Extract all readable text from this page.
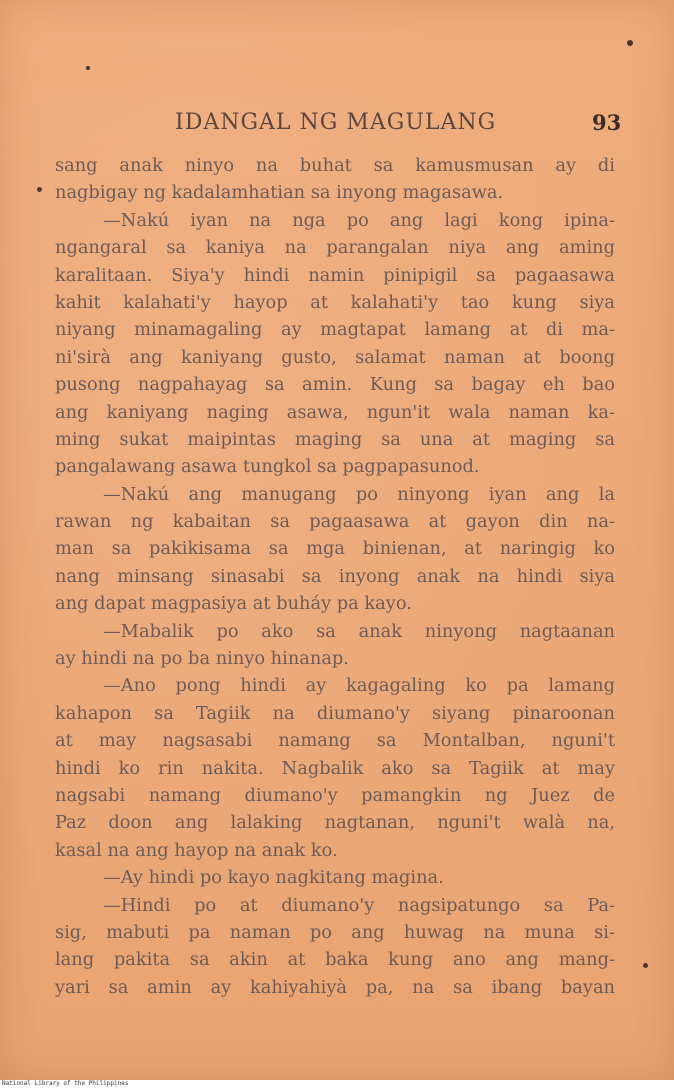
IDANGAL NG MAGULANG	93
sang anak ninyo na buhat sa kamusmusan ay di
nagbigay ng kadalamhatian sa inyong magasawa.
—Nakú iyan na nga po ang lagi kong ipina-
ngangaral sa kaniya na parangalan niya ang aming
karalitaan. Siya'y hindi namin pinipigil sa pagaasawa
kahit kalahati'y hayop at kalahati'y tao kung siya
niyang minamagaling ay magtapat lamang at di ma-
ni'sirà ang kaniyang gusto, salamat naman at boong
pusong nagpahayag sa amin. Kung sa bagay eh bao
ang kaniyang naging asawa, ngun'it wala naman ka-
ming sukat maipintas maging sa una at maging sa
pangalawang asawa tungkol sa pagpapasunod.
—Nakú ang manugang po ninyong iyan ang la
rawan ng kabaitan sa pagaasawa at gayon din na-
man sa pakikisama sa mga binienan, at naringig ko
nang minsang sinasabi sa inyong anak na hindi siya
ang dapat magpasiya at buháy pa kayo.
—Mabalik po ako sa anak ninyong nagtaanan
ay hindi na po ba ninyo hinanap.
—Ano pong hindi ay kagagaling ko pa lamang
kahapon sa Tagiik na diumano'y siyang pinaroonan
at may nagsasabi namang sa Montalban, nguni't
hindi ko rin nakita. Nagbalik ako sa Tagiik at may
nagsabi namang diumano'y pamangkin ng Juez de
Paz doon ang lalaking nagtanan, nguni't walà na,
kasal na ang hayop na anak ko.
—Ay hindi po kayo nagkitang magina.
—Hindi po at diumano'y nagsipatungo sa Pa-
sig, mabuti pa naman po ang huwag na muna si-
lang pakita sa akin at baka kung ano ang mang-
yari sa amin ay kahiyahiyà pa, na sa ibang bayan
National Library of the Philippines
